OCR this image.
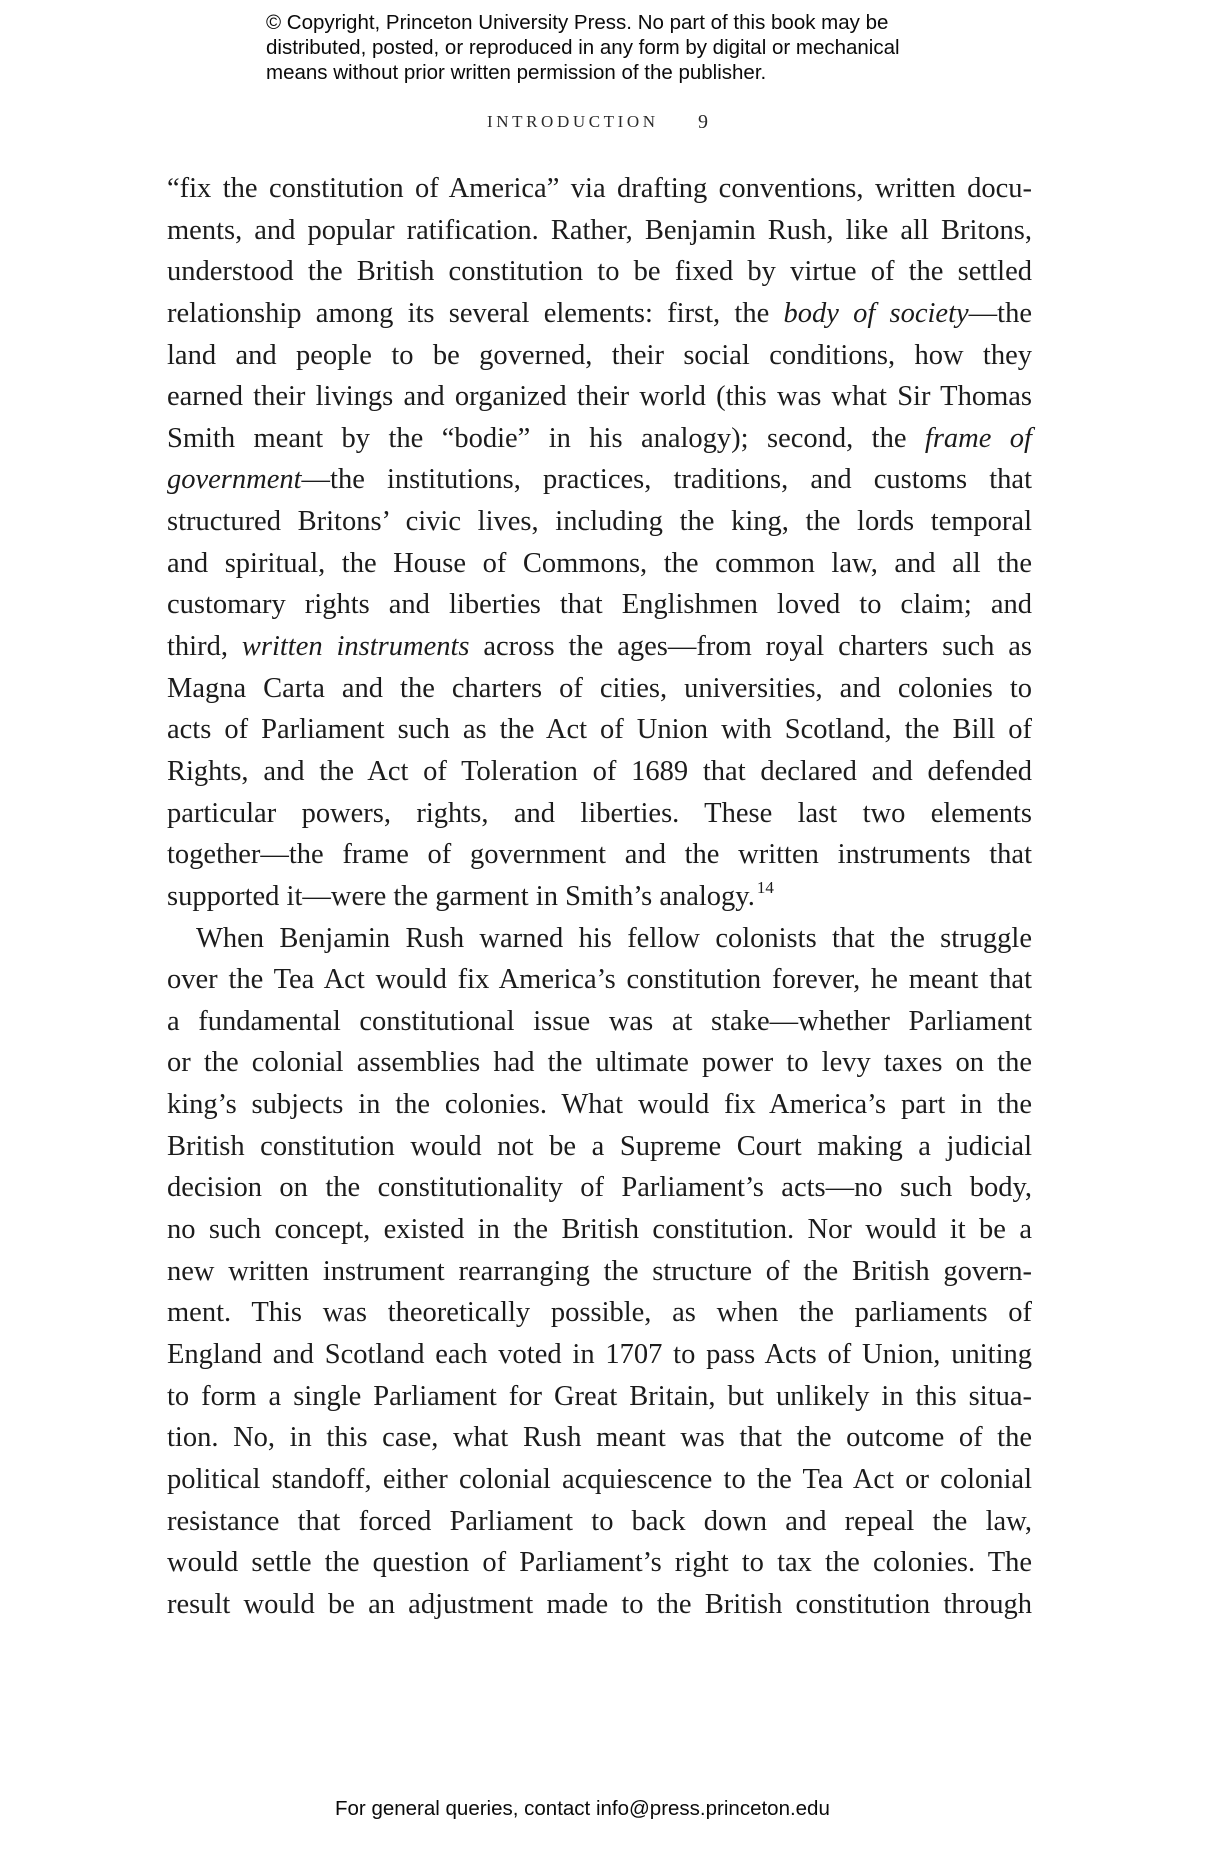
© Copyright, Princeton University Press. No part of this book may be
distributed, posted, or reproduced in any form by digital or mechanical
means without prior written permission of the publisher.
INTRODUCTION 9
“fix the constitution of America” via drafting conventions, written docu-
ments, and popular ratification. Rather, Benjamin Rush, like all Britons,
understood the British constitution to be fixed by virtue of the settled
relationship among its several elements: first, the body of society—the
land and people to be governed, their social conditions, how they
earned their livings and organized their world (this was what Sir Thomas
Smith meant by the “bodie” in his analogy); second, the frame of
government—the institutions, practices, traditions, and customs that
structured Britons’ civic lives, including the king, the lords temporal
and spiritual, the House of Commons, the common law, and all the
customary rights and liberties that Englishmen loved to claim; and
third, written instruments across the ages—from royal charters such as
Magna Carta and the charters of cities, universities, and colonies to
acts of Parliament such as the Act of Union with Scotland, the Bill of
Rights, and the Act of Toleration of 1689 that declared and defended
particular powers, rights, and liberties. These last two elements
together—the frame of government and the written instruments that
supported it—were the garment in Smith’s analogy. $^{14}$
When Benjamin Rush warned his fellow colonists that the struggle
over the Tea Act would fix America’s constitution forever, he meant that
a fundamental constitutional issue was at stake—whether Parliament
or the colonial assemblies had the ultimate power to levy taxes on the
king’s subjects in the colonies. What would fix America’s part in the
British constitution would not be a Supreme Court making a judicial
decision on the constitutionality of Parliament’s acts—no such body,
no such concept, existed in the British constitution. Nor would it be a
new written instrument rearranging the structure of the British govern-
ment. This was theoretically possible, as when the parliaments of
England and Scotland each voted in 1707 to pass Acts of Union, uniting
to form a single Parliament for Great Britain, but unlikely in this situa-
tion. No, in this case, what Rush meant was that the outcome of the
political standoff, either colonial acquiescence to the Tea Act or colonial
resistance that forced Parliament to back down and repeal the law,
would settle the question of Parliament’s right to tax the colonies. The
result would be an adjustment made to the British constitution through
For general queries, contact info@press.princeton.edu
